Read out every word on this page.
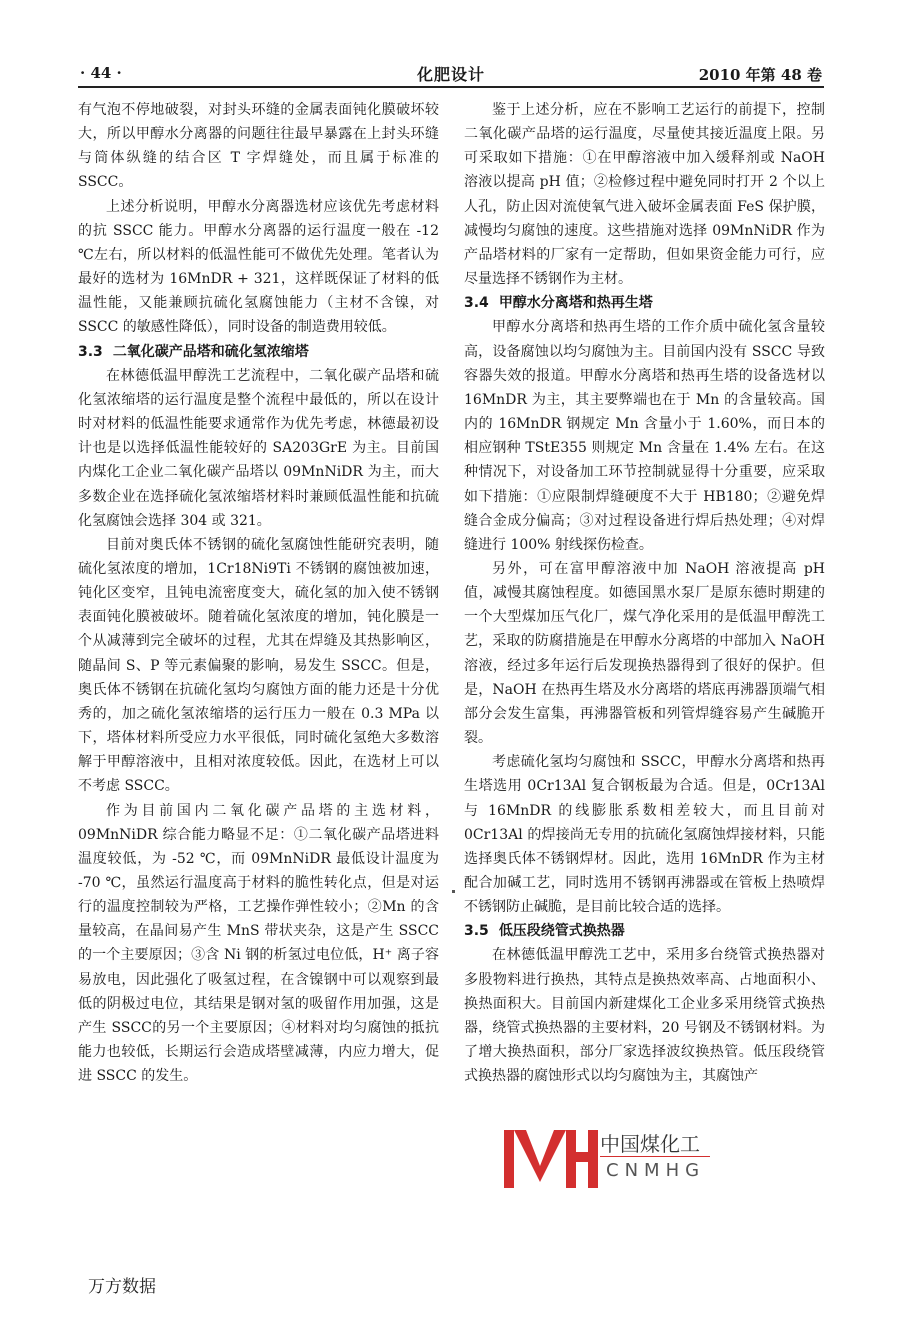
· 44 ·	化肥设计	2010 年第 48 卷

有气泡不停地破裂，对封头环缝的金属表面钝化膜破坏较大，所以甲醇水分离器的问题往往最早暴露在上封头环缝与筒体纵缝的结合区 T 字焊缝处，而且属于标准的 SSCC。

上述分析说明，甲醇水分离器选材应该优先考虑材料的抗 SSCC 能力。甲醇水分离器的运行温度一般在 -12 ℃左右，所以材料的低温性能可不做优先处理。笔者认为最好的选材为 16MnDR + 321，这样既保证了材料的低温性能，又能兼顾抗硫化氢腐蚀能力（主材不含镍，对 SSCC 的敏感性降低），同时设备的制造费用较低。

3.3 二氧化碳产品塔和硫化氢浓缩塔

在林德低温甲醇洗工艺流程中，二氧化碳产品塔和硫化氢浓缩塔的运行温度是整个流程中最低的，所以在设计时对材料的低温性能要求通常作为优先考虑，林德最初设计也是以选择低温性能较好的 SA203GrE 为主。目前国内煤化工企业二氧化碳产品塔以 09MnNiDR 为主，而大多数企业在选择硫化氢浓缩塔材料时兼顾低温性能和抗硫化氢腐蚀会选择 304 或 321。

目前对奥氏体不锈钢的硫化氢腐蚀性能研究表明，随硫化氢浓度的增加，1Cr18Ni9Ti 不锈钢的腐蚀被加速，钝化区变窄，且钝电流密度变大，硫化氢的加入使不锈钢表面钝化膜被破坏。随着硫化氢浓度的增加，钝化膜是一个从减薄到完全破坏的过程，尤其在焊缝及其热影响区，随晶间 S、P 等元素偏聚的影响，易发生 SSCC。但是，奥氏体不锈钢在抗硫化氢均匀腐蚀方面的能力还是十分优秀的，加之硫化氢浓缩塔的运行压力一般在 0.3 MPa 以下，塔体材料所受应力水平很低，同时硫化氢绝大多数溶解于甲醇溶液中，且相对浓度较低。因此，在选材上可以不考虑 SSCC。

作为目前国内二氧化碳产品塔的主选材料，09MnNiDR 综合能力略显不足：①二氧化碳产品塔进料温度较低，为 -52 ℃，而 09MnNiDR 最低设计温度为 -70 ℃，虽然运行温度高于材料的脆性转化点，但是对运行的温度控制较为严格，工艺操作弹性较小；②Mn 的含量较高，在晶间易产生 MnS 带状夹杂，这是产生 SSCC 的一个主要原因；③含 Ni 钢的析氢过电位低，H⁺ 离子容易放电，因此强化了吸氢过程，在含镍钢中可以观察到最低的阴极过电位，其结果是钢对氢的吸留作用加强，这是产生 SSCC的另一个主要原因；④材料对均匀腐蚀的抵抗能力也较低，长期运行会造成塔壁减薄，内应力增大，促进 SSCC 的发生。

鉴于上述分析，应在不影响工艺运行的前提下，控制二氧化碳产品塔的运行温度，尽量使其接近温度上限。另可采取如下措施：①在甲醇溶液中加入缓释剂或 NaOH 溶液以提高 pH 值；②检修过程中避免同时打开 2 个以上人孔，防止因对流使氧气进入破坏金属表面 FeS 保护膜，减慢均匀腐蚀的速度。这些措施对选择 09MnNiDR 作为产品塔材料的厂家有一定帮助，但如果资金能力可行，应尽量选择不锈钢作为主材。

3.4 甲醇水分离塔和热再生塔

甲醇水分离塔和热再生塔的工作介质中硫化氢含量较高，设备腐蚀以均匀腐蚀为主。目前国内没有 SSCC 导致容器失效的报道。甲醇水分离塔和热再生塔的设备选材以 16MnDR 为主，其主要弊端也在于 Mn 的含量较高。国内的 16MnDR 钢规定 Mn 含量小于 1.60%，而日本的相应钢种 TStE355 则规定 Mn 含量在 1.4% 左右。在这种情况下，对设备加工环节控制就显得十分重要，应采取如下措施：①应限制焊缝硬度不大于 HB180；②避免焊缝合金成分偏高；③对过程设备进行焊后热处理；④对焊缝进行 100% 射线探伤检查。

另外，可在富甲醇溶液中加 NaOH 溶液提高 pH 值，减慢其腐蚀程度。如德国黑水泵厂是原东德时期建的一个大型煤加压气化厂，煤气净化采用的是低温甲醇洗工艺，采取的防腐措施是在甲醇水分离塔的中部加入 NaOH 溶液，经过多年运行后发现换热器得到了很好的保护。但是，NaOH 在热再生塔及水分离塔的塔底再沸器顶端气相部分会发生富集，再沸器管板和列管焊缝容易产生碱脆开裂。

考虑硫化氢均匀腐蚀和 SSCC，甲醇水分离塔和热再生塔选用 0Cr13Al 复合钢板最为合适。但是，0Cr13Al 与 16MnDR 的线膨胀系数相差较大，而且目前对 0Cr13Al 的焊接尚无专用的抗硫化氢腐蚀焊接材料，只能选择奥氏体不锈钢焊材。因此，选用 16MnDR 作为主材配合加碱工艺，同时选用不锈钢再沸器或在管板上热喷焊不锈钢防止碱脆，是目前比较合适的选择。

3.5 低压段绕管式换热器

在林德低温甲醇洗工艺中，采用多台绕管式换热器对多股物料进行换热，其特点是换热效率高、占地面积小、换热面积大。目前国内新建煤化工企业多采用绕管式换热器，绕管式换热器的主要材料，20 号钢及不锈钢材料。为了增大换热面积，部分厂家选择波纹换热管。低压段绕管式换热器的腐蚀形式以均匀腐蚀为主，其腐蚀产

中国煤化工
CNMHG
万方数据
